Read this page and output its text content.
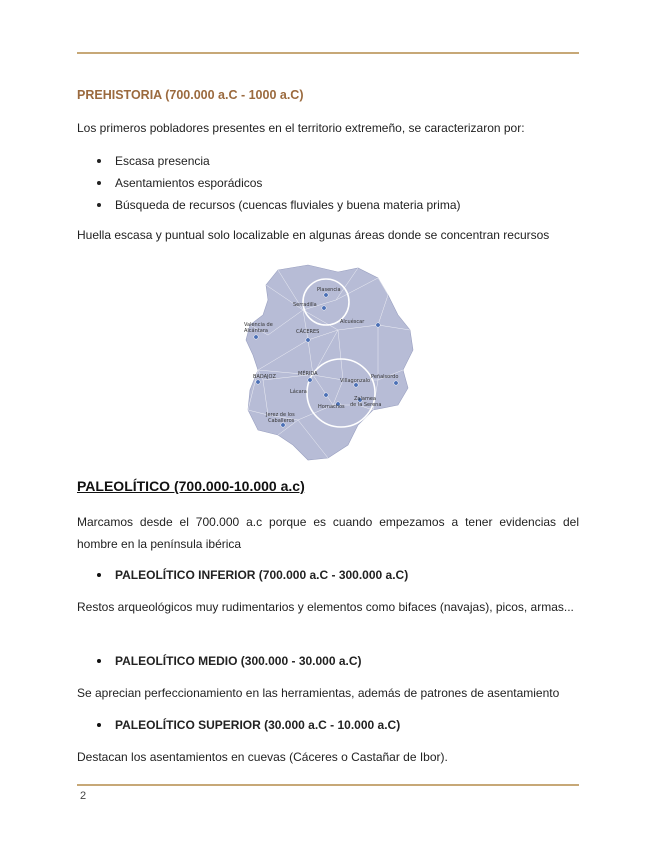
PREHISTORIA (700.000 a.C - 1000 a.C)
Los primeros pobladores presentes en el territorio extremeño, se caracterizaron por:
Escasa presencia
Asentamientos esporádicos
Búsqueda de recursos (cuencas fluviales y buena materia prima)
Huella escasa y puntual solo localizable en algunas áreas donde se concentran recursos
PALEOLÍTICO (700.000-10.000 a.c)
Marcamos desde el 700.000 a.c porque es cuando empezamos a tener evidencias del hombre en la península ibérica
PALEOLÍTICO INFERIOR (700.000 a.C - 300.000 a.C)
Restos arqueológicos muy rudimentarios y elementos como bifaces (navajas), picos, armas...
PALEOLÍTICO MEDIO (300.000 - 30.000 a.C)
Se aprecian perfeccionamiento en las herramientas, además de patrones de asentamiento
PALEOLÍTICO SUPERIOR (30.000 a.C - 10.000 a.C)
Destacan los asentamientos en cuevas (Cáceres o Castañar de Ibor).
Plasencia
Serradilla
Alcuéscar
Valencia de Alcántara	CÁCERES
BADAJOZ	MÉRIDA
Villagonzalo
Peñalsordo
Lácara
Hornachos
Zalamea de la Serena
Jerez de los Caballeros
2
